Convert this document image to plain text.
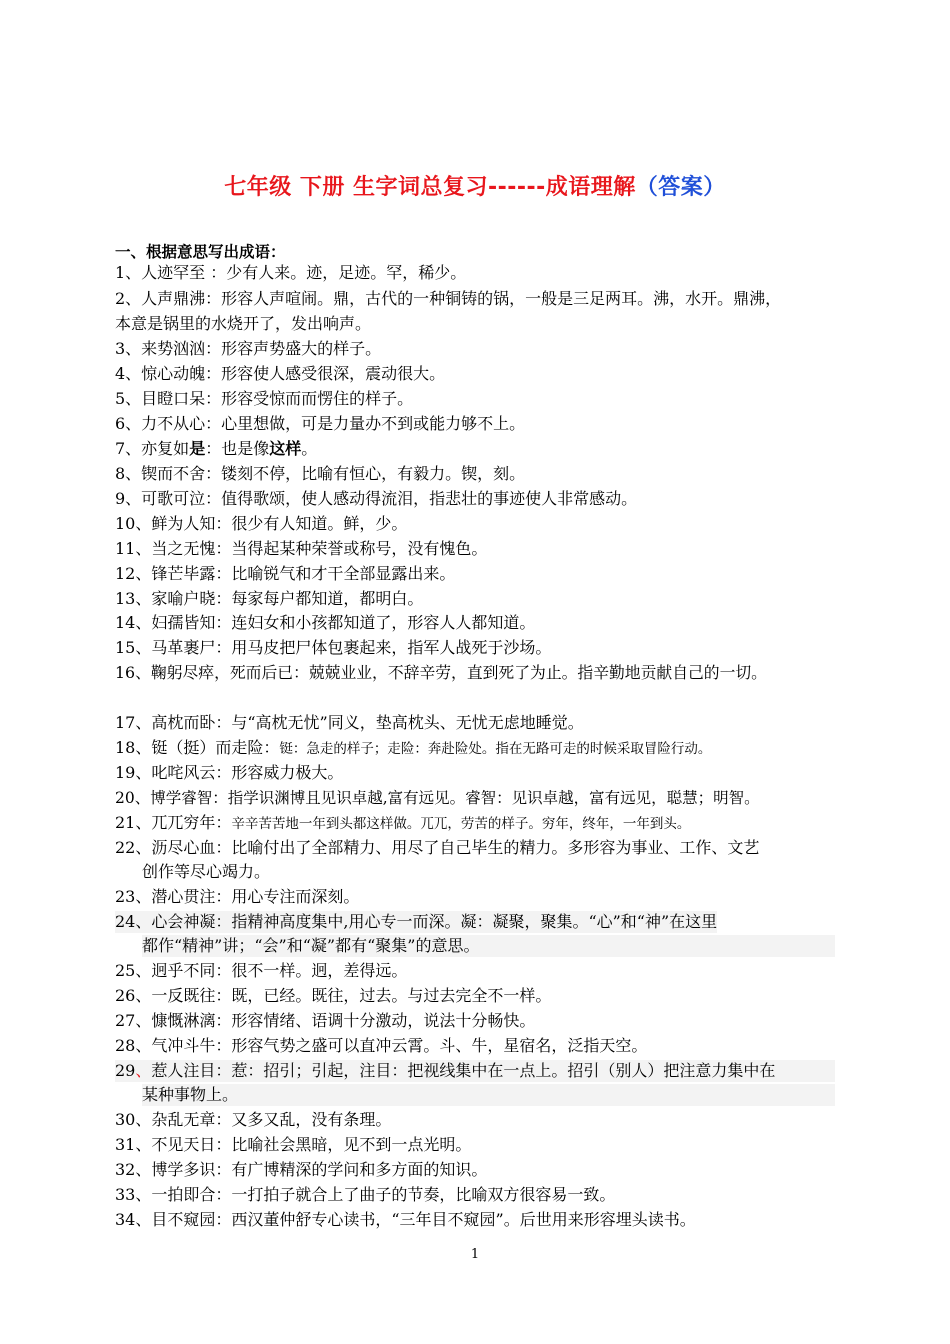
七年级 下册 生字词总复习------成语理解（答案）
一、根据意思写出成语：
1、人迹罕至 ：少有人来。迹，足迹。罕，稀少。
2、人声鼎沸：形容人声喧闹。鼎，古代的一种铜铸的锅，一般是三足两耳。沸，水开。鼎沸，
本意是锅里的水烧开了，发出响声。
3、来势汹汹：形容声势盛大的样子。
4、惊心动魄：形容使人感受很深，震动很大。
5、目瞪口呆：形容受惊而而愣住的样子。
6、力不从心：心里想做，可是力量办不到或能力够不上。
7、亦复如是：也是像这样。
8、锲而不舍：镂刻不停，比喻有恒心，有毅力。锲，刻。
9、可歌可泣：值得歌颂，使人感动得流泪，指悲壮的事迹使人非常感动。
10、鲜为人知：很少有人知道。鲜，少。
11、当之无愧：当得起某种荣誉或称号，没有愧色。
12、锋芒毕露：比喻锐气和才干全部显露出来。
13、家喻户晓：每家每户都知道，都明白。
14、妇孺皆知：连妇女和小孩都知道了，形容人人都知道。
15、马革裹尸：用马皮把尸体包裹起来，指军人战死于沙场。
16、鞠躬尽瘁，死而后已：兢兢业业，不辞辛劳，直到死了为止。指辛勤地贡献自己的一切。
17、高枕而卧：与“高枕无忧”同义，垫高枕头、无忧无虑地睡觉。
18、铤（挺）而走险：铤：急走的样子；走险：奔赴险处。指在无路可走的时候采取冒险行动。
19、叱咤风云：形容威力极大。
20、博学睿智：指学识渊博且见识卓越,富有远见。睿智：见识卓越，富有远见，聪慧；明智。
21、兀兀穷年：辛辛苦苦地一年到头都这样做。兀兀，劳苦的样子。穷年，终年，一年到头。
22、沥尽心血：比喻付出了全部精力、用尽了自己毕生的精力。多形容为事业、工作、文艺
创作等尽心竭力。
23、潜心贯注：用心专注而深刻。
24、心会神凝：指精神高度集中,用心专一而深。凝：凝聚，聚集。“心”和“神”在这里
都作“精神”讲；“会”和“凝”都有“聚集”的意思。
25、迥乎不同：很不一样。迥，差得远。
26、一反既往：既，已经。既往，过去。与过去完全不一样。
27、慷慨淋漓：形容情绪、语调十分激动，说法十分畅快。
28、气冲斗牛：形容气势之盛可以直冲云霄。斗、牛，星宿名，泛指天空。
29、惹人注目：惹：招引；引起，注目：把视线集中在一点上。招引（别人）把注意力集中在
某种事物上。
30、杂乱无章：又多又乱，没有条理。
31、不见天日：比喻社会黑暗，见不到一点光明。
32、博学多识：有广博精深的学问和多方面的知识。
33、一拍即合：一打拍子就合上了曲子的节奏，比喻双方很容易一致。
34、目不窥园：西汉董仲舒专心读书，“三年目不窥园”。后世用来形容埋头读书。
1
